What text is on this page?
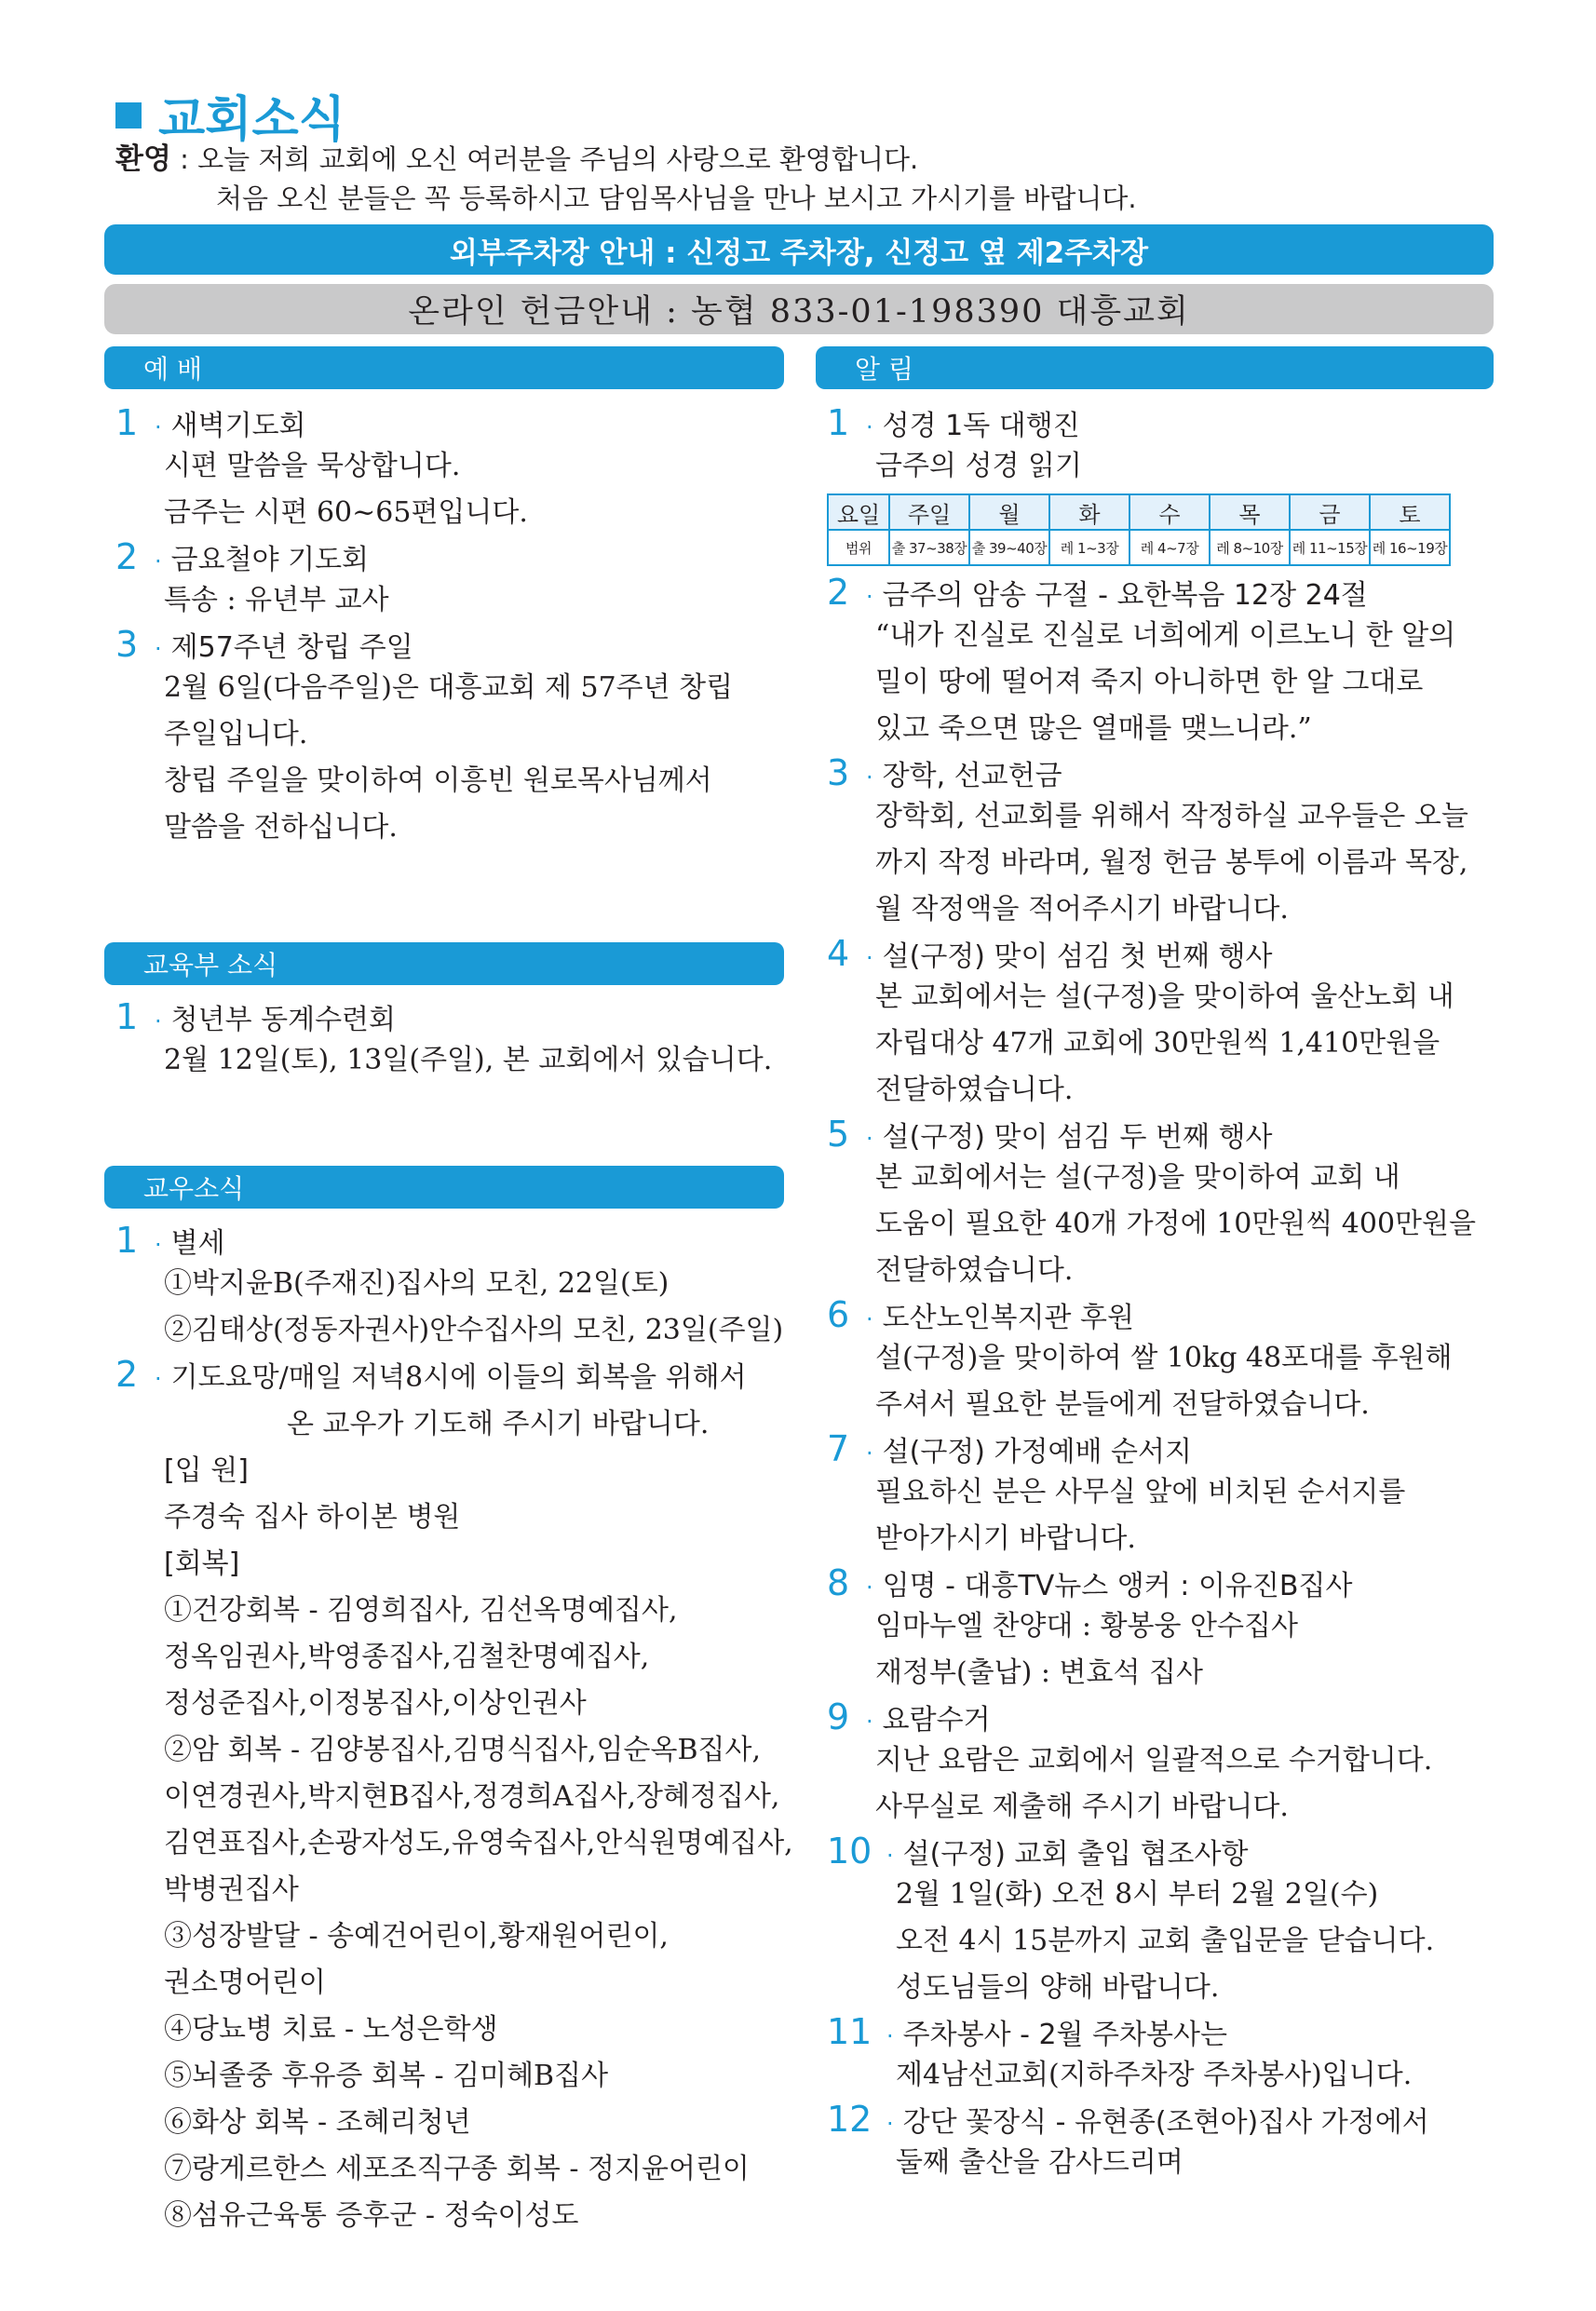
교회소식
환영 : 오늘 저희 교회에 오신 여러분을 주님의 사랑으로 환영합니다.
처음 오신 분들은 꼭 등록하시고 담임목사님을 만나 보시고 가시기를 바랍니다.
외부주차장 안내 : 신정고 주차장, 신정고 옆 제2주차장
온라인 헌금안내 : 농협 833-01-198390 대흥교회
예 배
1 · 새벽기도회
시편 말씀을 묵상합니다.
금주는 시편 60~65편입니다.
2 · 금요철야 기도회
특송 : 유년부 교사
3 · 제57주년 창립 주일
2월 6일(다음주일)은 대흥교회 제 57주년 창립
주일입니다.
창립 주일을 맞이하여 이흥빈 원로목사님께서
말씀을 전하십니다.
교육부 소식
1 · 청년부 동계수련회
2월 12일(토), 13일(주일), 본 교회에서 있습니다.
교우소식
1 · 별세
①박지윤B(주재진)집사의 모친, 22일(토)
②김태상(정동자권사)안수집사의 모친, 23일(주일)
2 · 기도요망 /매일 저녁8시에 이들의 회복을 위해서
온 교우가 기도해 주시기 바랍니다.
[입 원]
주경숙 집사 하이본 병원
[회복]
①건강회복 - 김영희집사, 김선옥명예집사,
정옥임권사,박영종집사,김철찬명예집사,
정성준집사,이정봉집사,이상인권사
②암 회복 - 김양봉집사,김명식집사,임순옥B집사,
이연경권사,박지현B집사,정경희A집사,장혜정집사,
김연표집사,손광자성도,유영숙집사,안식원명예집사,
박병권집사
③성장발달 - 송예건어린이,황재원어린이,
권소명어린이
④당뇨병 치료 - 노성은학생
⑤뇌졸중 후유증 회복 - 김미혜B집사
⑥화상 회복 - 조혜리청년
⑦랑게르한스 세포조직구종 회복 - 정지윤어린이
⑧섬유근육통 증후군 - 정숙이성도
알 림
1 · 성경 1독 대행진
금주의 성경 읽기
요일	주일	월	화	수	목	금	토
범위	출 37~38장	출 39~40장	레 1~3장	레 4~7장	레 8~10장	레 11~15장	레 16~19장
2 · 금주의 암송 구절 - 요한복음 12장 24절
“내가 진실로 진실로 너희에게 이르노니 한 알의
밀이 땅에 떨어져 죽지 아니하면 한 알 그대로
있고 죽으면 많은 열매를 맺느니라.”
3 · 장학, 선교헌금
장학회, 선교회를 위해서 작정하실 교우들은 오늘
까지 작정 바라며, 월정 헌금 봉투에 이름과 목장,
월 작정액을 적어주시기 바랍니다.
4 · 설(구정) 맞이 섬김 첫 번째 행사
본 교회에서는 설(구정)을 맞이하여 울산노회 내
자립대상 47개 교회에 30만원씩 1,410만원을
전달하였습니다.
5 · 설(구정) 맞이 섬김 두 번째 행사
본 교회에서는 설(구정)을 맞이하여 교회 내
도움이 필요한 40개 가정에 10만원씩 400만원을
전달하였습니다.
6 · 도산노인복지관 후원
설(구정)을 맞이하여 쌀 10kg 48포대를 후원해
주셔서 필요한 분들에게 전달하였습니다.
7 · 설(구정) 가정예배 순서지
필요하신 분은 사무실 앞에 비치된 순서지를
받아가시기 바랍니다.
8 · 임명 - 대흥TV뉴스 앵커 : 이유진B집사
임마누엘 찬양대 : 황봉웅 안수집사
재정부(출납) : 변효석 집사
9 · 요람수거
지난 요람은 교회에서 일괄적으로 수거합니다.
사무실로 제출해 주시기 바랍니다.
10 · 설(구정) 교회 출입 협조사항
2월 1일(화) 오전 8시 부터 2월 2일(수)
오전 4시 15분까지 교회 출입문을 닫습니다.
성도님들의 양해 바랍니다.
11 · 주차봉사 - 2월 주차봉사는
제4남선교회(지하주차장 주차봉사)입니다.
12 · 강단 꽃장식 - 유현종(조현아)집사 가정에서
둘째 출산을 감사드리며
